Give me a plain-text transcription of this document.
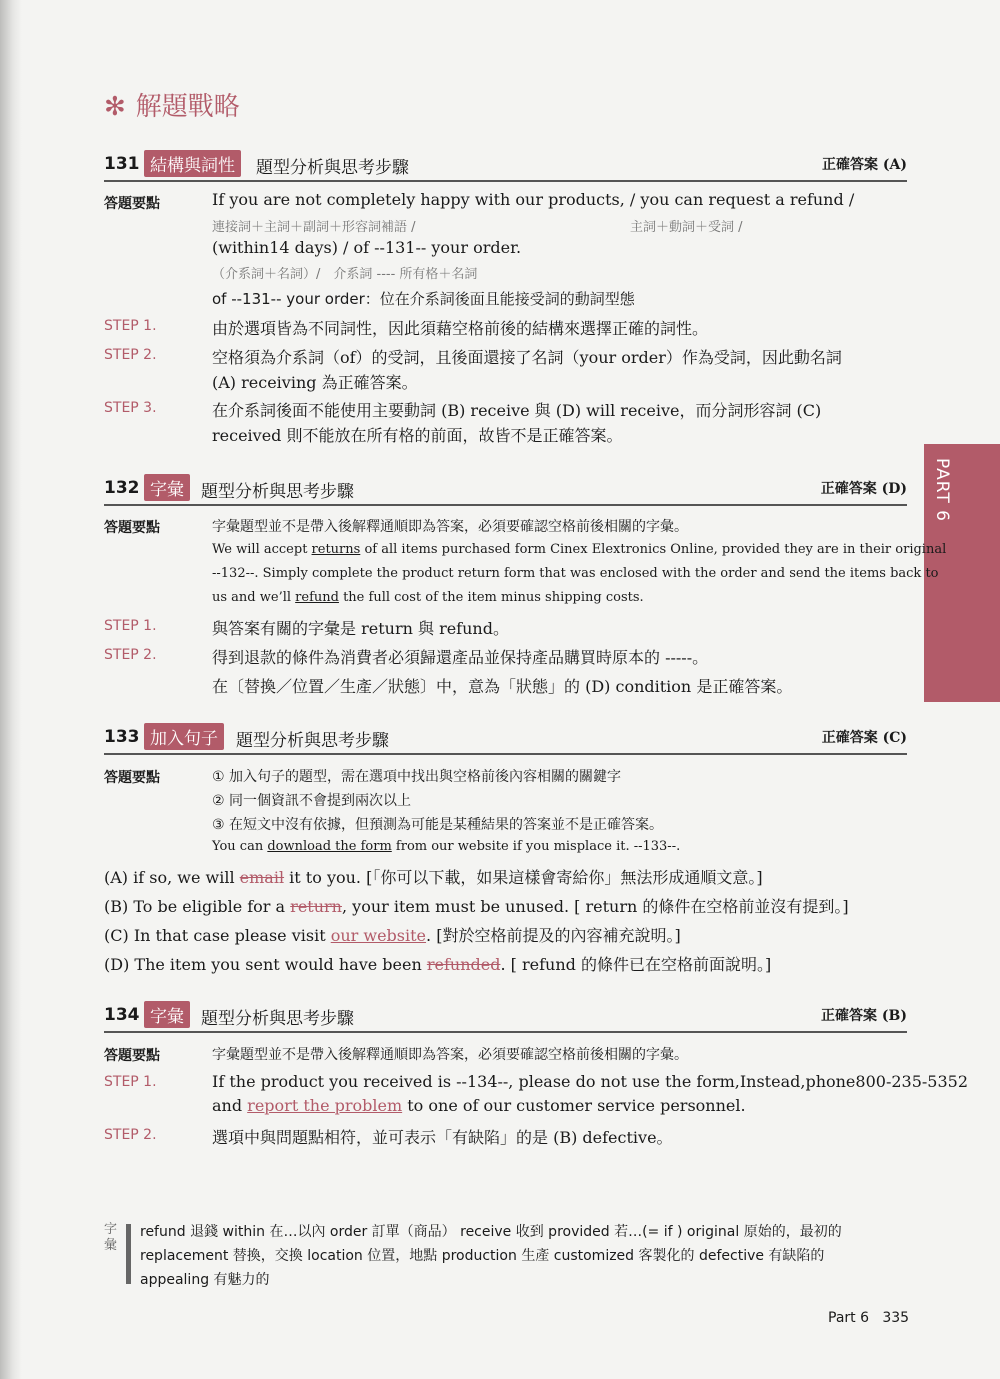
PART 6
✻ 解題戰略
131 結構與詞性	題型分析與思考步驟	正確答案 (A)
答題要點	If you are not completely happy with our products, / you can request a refund /
連接詞＋主詞＋副詞＋形容詞補語 /	主詞＋動詞＋受詞 /
(within14 days) / of --131-- your order.
（介系詞＋名詞）/　介系詞 ---- 所有格＋名詞
of --131-- your order：位在介系詞後面且能接受詞的動詞型態
STEP 1.	由於選項皆為不同詞性，因此須藉空格前後的結構來選擇正確的詞性。
STEP 2.	空格須為介系詞（of）的受詞，且後面還接了名詞（your order）作為受詞，因此動名詞
(A) receiving 為正確答案。
STEP 3.	在介系詞後面不能使用主要動詞 (B) receive 與 (D) will receive，而分詞形容詞 (C)
received 則不能放在所有格的前面，故皆不是正確答案。
132 字彙	題型分析與思考步驟	正確答案 (D)
答題要點	字彙題型並不是帶入後解釋通順即為答案，必須要確認空格前後相關的字彙。
We will accept returns of all items purchased form Cinex Elextronics Online, provided they are in their original
--132--. Simply complete the product return form that was enclosed with the order and send the items back to
us and we’ll refund the full cost of the item minus shipping costs.
STEP 1.	與答案有關的字彙是 return 與 refund。
STEP 2.	得到退款的條件為消費者必須歸還產品並保持產品購買時原本的 -----。
在〔替換／位置／生產／狀態〕中，意為「狀態」的 (D) condition 是正確答案。
133 加入句子	題型分析與思考步驟	正確答案 (C)
答題要點	① 加入句子的題型，需在選項中找出與空格前後內容相關的關鍵字
② 同一個資訊不會提到兩次以上
③ 在短文中沒有依據，但預測為可能是某種結果的答案並不是正確答案。
You can download the form from our website if you misplace it. --133--.
(A) if so, we will email it to you. [「你可以下載，如果這樣會寄給你」無法形成通順文意。]
(B) To be eligible for a return, your item must be unused. [ return 的條件在空格前並沒有提到。]
(C) In that case please visit our website. [對於空格前提及的內容補充說明。]
(D) The item you sent would have been refunded. [ refund 的條件已在空格前面說明。]
134 字彙	題型分析與思考步驟	正確答案 (B)
答題要點	字彙題型並不是帶入後解釋通順即為答案，必須要確認空格前後相關的字彙。
STEP 1.	If the product you received is --134--, please do not use the form,Instead,phone800-235-5352
and report the problem to one of our customer service personnel.
STEP 2.	選項中與問題點相符，並可表示「有缺陷」的是 (B) defective。
字彙
refund 退錢 within 在…以內 order 訂單（商品） receive 收到 provided 若…(= if ) original 原始的，最初的
replacement 替換，交換 location 位置，地點 production 生產 customized 客製化的 defective 有缺陷的
appealing 有魅力的
Part 6 335
